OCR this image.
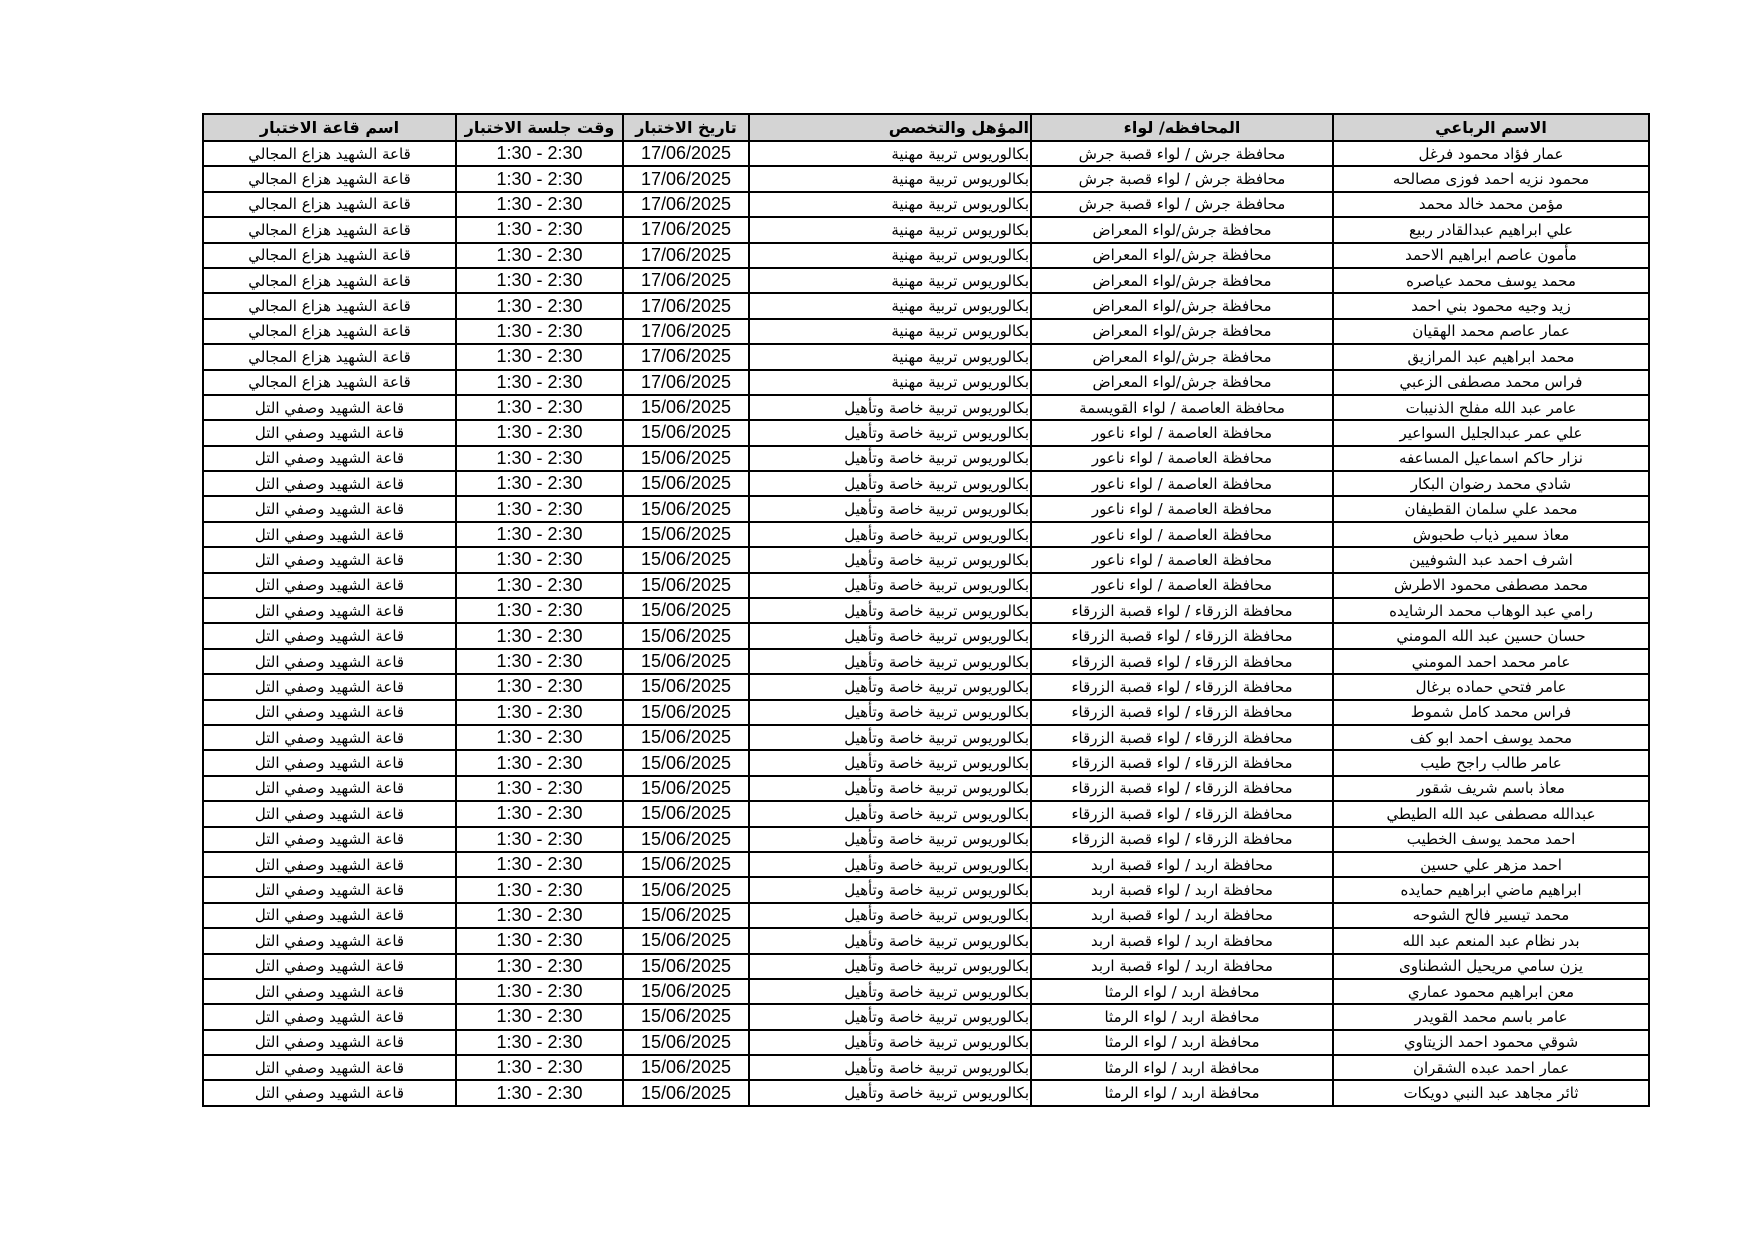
الاسم الرباعي	المحافظه/ لواء	المؤهل والتخصص	تاريخ الاختبار	وقت جلسة الاختبار	اسم قاعة الاختبار
عمار فؤاد محمود فرغل	محافظة جرش / لواء قصبة جرش	بكالوريوس تربية مهنية	17/06/2025	1:30 - 2:30	قاعة الشهيد هزاع المجالي
محمود نزيه احمد فوزى مصالحه	محافظة جرش / لواء قصبة جرش	بكالوريوس تربية مهنية	17/06/2025	1:30 - 2:30	قاعة الشهيد هزاع المجالي
مؤمن محمد خالد محمد	محافظة جرش / لواء قصبة جرش	بكالوريوس تربية مهنية	17/06/2025	1:30 - 2:30	قاعة الشهيد هزاع المجالي
علي ابراهيم عبدالقادر ربيع	محافظة جرش/لواء المعراض	بكالوريوس تربية مهنية	17/06/2025	1:30 - 2:30	قاعة الشهيد هزاع المجالي
مأمون عاصم ابراهيم الاحمد	محافظة جرش/لواء المعراض	بكالوريوس تربية مهنية	17/06/2025	1:30 - 2:30	قاعة الشهيد هزاع المجالي
محمد يوسف محمد عياصره	محافظة جرش/لواء المعراض	بكالوريوس تربية مهنية	17/06/2025	1:30 - 2:30	قاعة الشهيد هزاع المجالي
زيد وجيه محمود بني احمد	محافظة جرش/لواء المعراض	بكالوريوس تربية مهنية	17/06/2025	1:30 - 2:30	قاعة الشهيد هزاع المجالي
عمار عاصم محمد الهقيان	محافظة جرش/لواء المعراض	بكالوريوس تربية مهنية	17/06/2025	1:30 - 2:30	قاعة الشهيد هزاع المجالي
محمد ابراهيم عبد المرازيق	محافظة جرش/لواء المعراض	بكالوريوس تربية مهنية	17/06/2025	1:30 - 2:30	قاعة الشهيد هزاع المجالي
فراس محمد مصطفى الزعبي	محافظة جرش/لواء المعراض	بكالوريوس تربية مهنية	17/06/2025	1:30 - 2:30	قاعة الشهيد هزاع المجالي
عامر عبد الله مفلح الذنيبات	محافظة العاصمة / لواء القويسمة	بكالوريوس تربية خاصة وتأهيل	15/06/2025	1:30 - 2:30	قاعة الشهيد وصفي التل
علي عمر عبدالجليل السواعير	محافظة العاصمة / لواء ناعور	بكالوريوس تربية خاصة وتأهيل	15/06/2025	1:30 - 2:30	قاعة الشهيد وصفي التل
نزار حاكم اسماعيل المساعفه	محافظة العاصمة / لواء ناعور	بكالوريوس تربية خاصة وتأهيل	15/06/2025	1:30 - 2:30	قاعة الشهيد وصفي التل
شادي محمد رضوان البكار	محافظة العاصمة / لواء ناعور	بكالوريوس تربية خاصة وتأهيل	15/06/2025	1:30 - 2:30	قاعة الشهيد وصفي التل
محمد علي سلمان القطيفان	محافظة العاصمة / لواء ناعور	بكالوريوس تربية خاصة وتأهيل	15/06/2025	1:30 - 2:30	قاعة الشهيد وصفي التل
معاذ سمير ذياب طحبوش	محافظة العاصمة / لواء ناعور	بكالوريوس تربية خاصة وتأهيل	15/06/2025	1:30 - 2:30	قاعة الشهيد وصفي التل
اشرف احمد عبد الشوفيين	محافظة العاصمة / لواء ناعور	بكالوريوس تربية خاصة وتأهيل	15/06/2025	1:30 - 2:30	قاعة الشهيد وصفي التل
محمد مصطفى محمود الاطرش	محافظة العاصمة / لواء ناعور	بكالوريوس تربية خاصة وتأهيل	15/06/2025	1:30 - 2:30	قاعة الشهيد وصفي التل
رامي عبد الوهاب محمد الرشايده	محافظة الزرقاء / لواء قصبة الزرقاء	بكالوريوس تربية خاصة وتأهيل	15/06/2025	1:30 - 2:30	قاعة الشهيد وصفي التل
حسان حسين عبد الله المومني	محافظة الزرقاء / لواء قصبة الزرقاء	بكالوريوس تربية خاصة وتأهيل	15/06/2025	1:30 - 2:30	قاعة الشهيد وصفي التل
عامر محمد احمد المومني	محافظة الزرقاء / لواء قصبة الزرقاء	بكالوريوس تربية خاصة وتأهيل	15/06/2025	1:30 - 2:30	قاعة الشهيد وصفي التل
عامر فتحي حماده برغال	محافظة الزرقاء / لواء قصبة الزرقاء	بكالوريوس تربية خاصة وتأهيل	15/06/2025	1:30 - 2:30	قاعة الشهيد وصفي التل
فراس محمد كامل شموط	محافظة الزرقاء / لواء قصبة الزرقاء	بكالوريوس تربية خاصة وتأهيل	15/06/2025	1:30 - 2:30	قاعة الشهيد وصفي التل
محمد يوسف احمد ابو كف	محافظة الزرقاء / لواء قصبة الزرقاء	بكالوريوس تربية خاصة وتأهيل	15/06/2025	1:30 - 2:30	قاعة الشهيد وصفي التل
عامر طالب راجح طيب	محافظة الزرقاء / لواء قصبة الزرقاء	بكالوريوس تربية خاصة وتأهيل	15/06/2025	1:30 - 2:30	قاعة الشهيد وصفي التل
معاذ باسم شريف شقور	محافظة الزرقاء / لواء قصبة الزرقاء	بكالوريوس تربية خاصة وتأهيل	15/06/2025	1:30 - 2:30	قاعة الشهيد وصفي التل
عبدالله مصطفى عبد الله الطيطي	محافظة الزرقاء / لواء قصبة الزرقاء	بكالوريوس تربية خاصة وتأهيل	15/06/2025	1:30 - 2:30	قاعة الشهيد وصفي التل
احمد محمد يوسف الخطيب	محافظة الزرقاء / لواء قصبة الزرقاء	بكالوريوس تربية خاصة وتأهيل	15/06/2025	1:30 - 2:30	قاعة الشهيد وصفي التل
احمد مزهر علي حسين	محافظة اربد / لواء قصبة اربد	بكالوريوس تربية خاصة وتأهيل	15/06/2025	1:30 - 2:30	قاعة الشهيد وصفي التل
ابراهيم ماضي ابراهيم حمايده	محافظة اربد / لواء قصبة اربد	بكالوريوس تربية خاصة وتأهيل	15/06/2025	1:30 - 2:30	قاعة الشهيد وصفي التل
محمد تيسير فالح الشوحه	محافظة اربد / لواء قصبة اربد	بكالوريوس تربية خاصة وتأهيل	15/06/2025	1:30 - 2:30	قاعة الشهيد وصفي التل
بدر نظام عبد المنعم عبد الله	محافظة اربد / لواء قصبة اربد	بكالوريوس تربية خاصة وتأهيل	15/06/2025	1:30 - 2:30	قاعة الشهيد وصفي التل
يزن سامي مريحيل الشطناوى	محافظة اربد / لواء قصبة اربد	بكالوريوس تربية خاصة وتأهيل	15/06/2025	1:30 - 2:30	قاعة الشهيد وصفي التل
معن ابراهيم محمود عماري	محافظة اربد / لواء الرمثا	بكالوريوس تربية خاصة وتأهيل	15/06/2025	1:30 - 2:30	قاعة الشهيد وصفي التل
عامر باسم محمد القويدر	محافظة اربد / لواء الرمثا	بكالوريوس تربية خاصة وتأهيل	15/06/2025	1:30 - 2:30	قاعة الشهيد وصفي التل
شوقي محمود احمد الزيتاوي	محافظة اربد / لواء الرمثا	بكالوريوس تربية خاصة وتأهيل	15/06/2025	1:30 - 2:30	قاعة الشهيد وصفي التل
عمار احمد عبده الشقران	محافظة اربد / لواء الرمثا	بكالوريوس تربية خاصة وتأهيل	15/06/2025	1:30 - 2:30	قاعة الشهيد وصفي التل
ثائر مجاهد عبد النبي دويكات	محافظة اربد / لواء الرمثا	بكالوريوس تربية خاصة وتأهيل	15/06/2025	1:30 - 2:30	قاعة الشهيد وصفي التل
